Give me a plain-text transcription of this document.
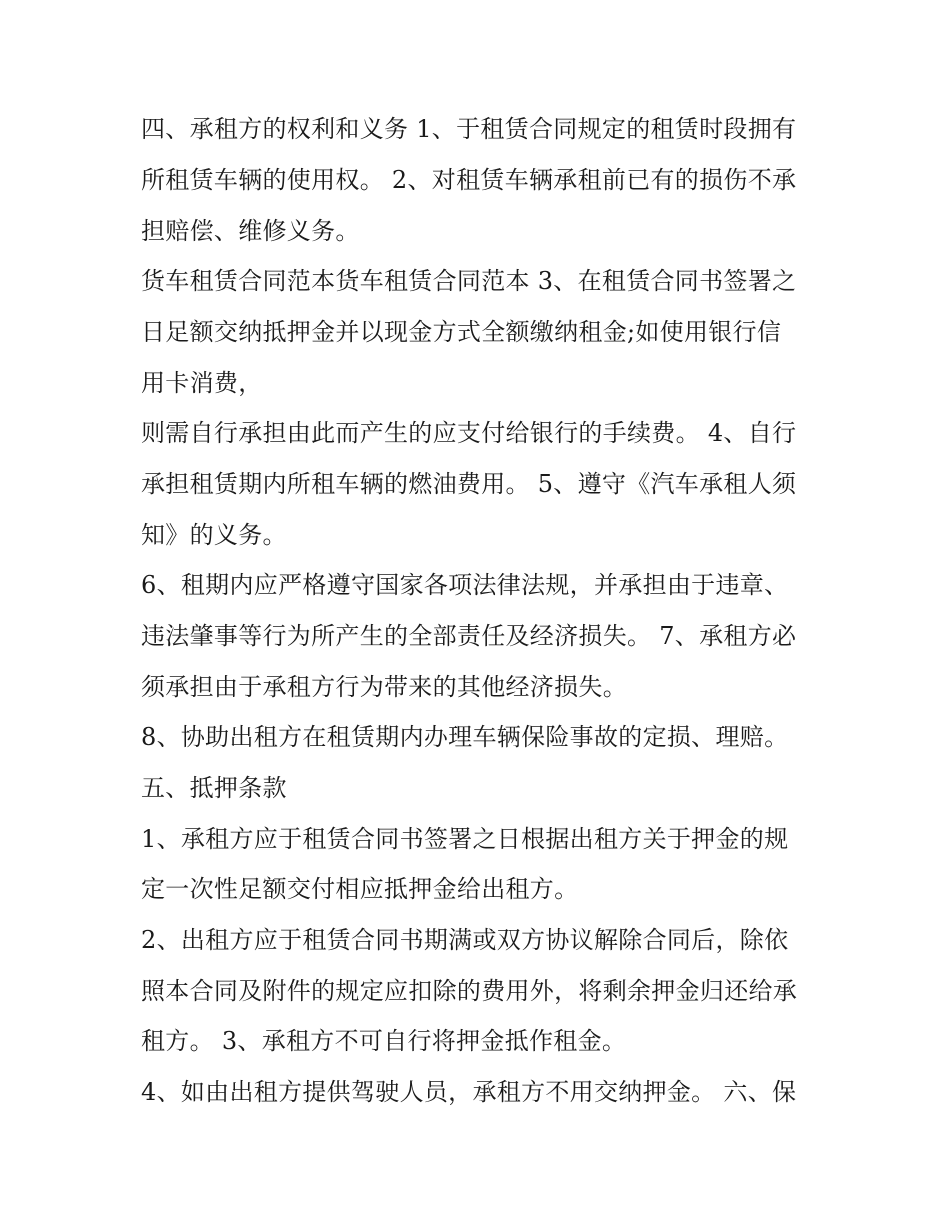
四、承租方的权利和义务 1、于租赁合同规定的租赁时段拥有

所租赁车辆的使用权。 2、对租赁车辆承租前已有的损伤不承

担赔偿、维修义务。

货车租赁合同范本货车租赁合同范本 3、在租赁合同书签署之

日足额交纳抵押金并以现金方式全额缴纳租金;如使用银行信

用卡消费，

则需自行承担由此而产生的应支付给银行的手续费。 4、自行

承担租赁期内所租车辆的燃油费用。 5、遵守《汽车承租人须

知》的义务。

6、租期内应严格遵守国家各项法律法规，并承担由于违章、

违法肇事等行为所产生的全部责任及经济损失。 7、承租方必

须承担由于承租方行为带来的其他经济损失。

8、协助出租方在租赁期内办理车辆保险事故的定损、理赔。

五、抵押条款

1、承租方应于租赁合同书签署之日根据出租方关于押金的规

定一次性足额交付相应抵押金给出租方。

2、出租方应于租赁合同书期满或双方协议解除合同后，除依

照本合同及附件的规定应扣除的费用外，将剩余押金归还给承

租方。 3、承租方不可自行将押金抵作租金。

4、如由出租方提供驾驶人员，承租方不用交纳押金。 六、保
